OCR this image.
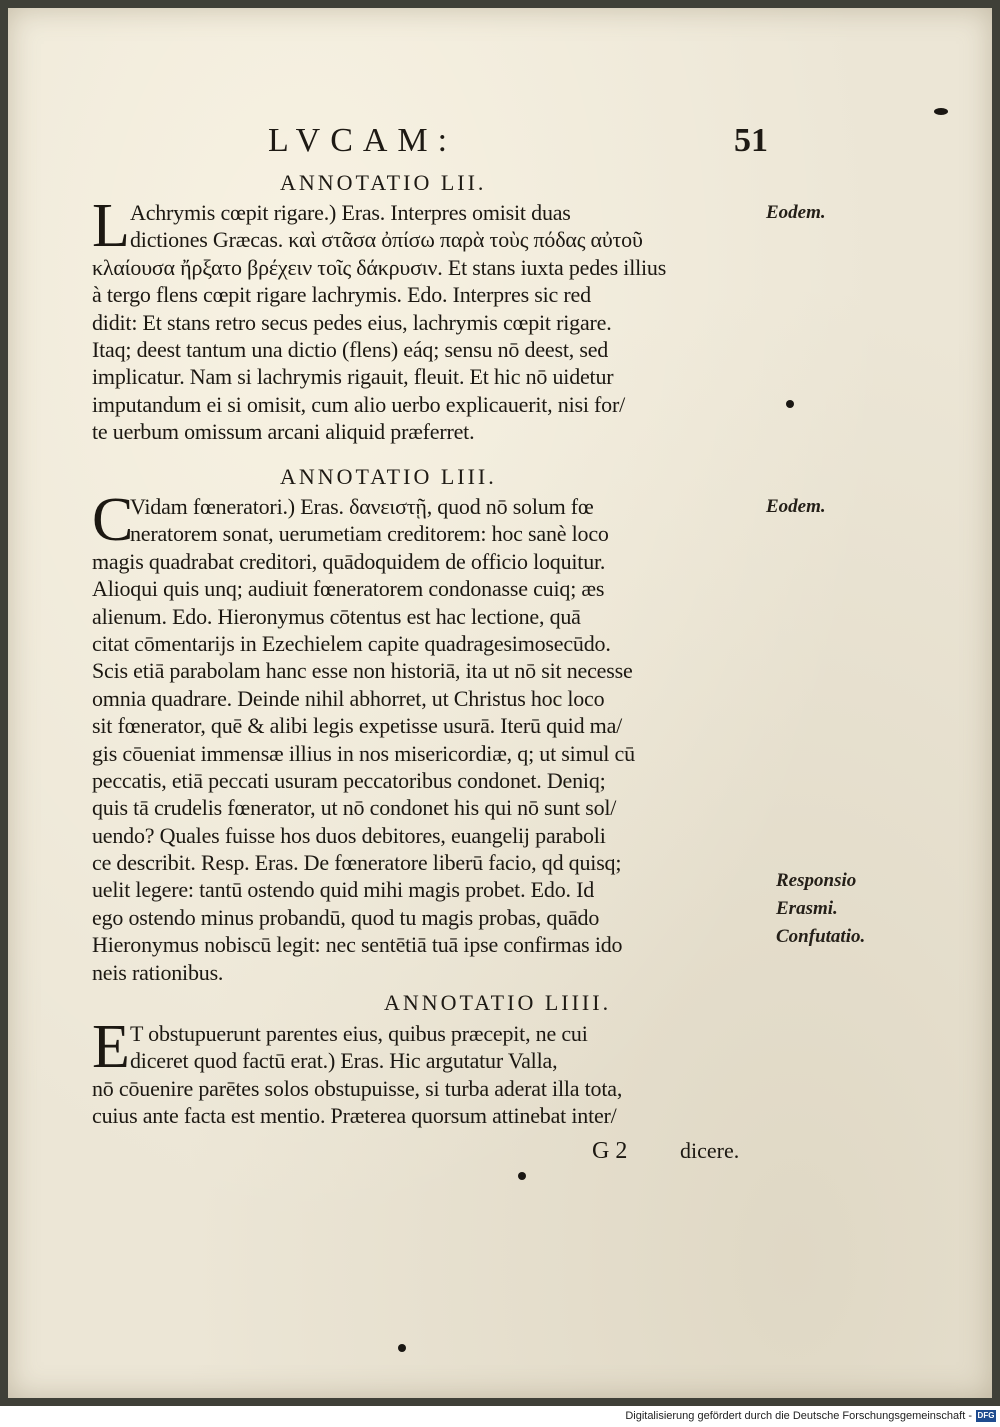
LVCAM:	51
ANNOTATIO LII.
L Achrymis cœpit rigare.) Eras. Interpres omisit duas
dictiones Græcas. καὶ στᾶσα ὀπίσω παρὰ τοὺς πόδας αὐτοῦ
κλαίουσα ἤρξατο βρέχειν τοῖς δάκρυσιν. Et stans iuxta pedes illius
à tergo flens cœpit rigare lachrymis. Edo. Interpres sic red
didit: Et stans retro secus pedes eius, lachrymis cœpit rigare.
Itaq; deest tantum una dictio (flens) eáq; sensu nō deest, sed
implicatur. Nam si lachrymis rigauit, fleuit. Et hic nō uidetur
imputandum ei si omisit, cum alio uerbo explicauerit, nisi for/
te uerbum omissum arcani aliquid præferret.
Eodem.
ANNOTATIO LIII.
C
Vidam fœneratori.) Eras. δανειστῇ, quod nō solum fœ
neratorem sonat, uerumetiam creditorem: hoc sanè loco
magis quadrabat creditori, quādoquidem de officio loquitur.
Alioqui quis unq; audiuit fœneratorem condonasse cuiq; æs
alienum. Edo. Hieronymus cōtentus est hac lectione, quā
citat cōmentarijs in Ezechielem capite quadragesimosecūdo.
Scis etiā parabolam hanc esse non historiā, ita ut nō sit necesse
omnia quadrare. Deinde nihil abhorret, ut Christus hoc loco
sit fœnerator, quē & alibi legis expetisse usurā. Iterū quid ma/
gis cōueniat immensæ illius in nos misericordiæ, q; ut simul cū
peccatis, etiā peccati usuram peccatoribus condonet. Deniq;
quis tā crudelis fœnerator, ut nō condonet his qui nō sunt sol/
uendo? Quales fuisse hos duos debitores, euangelij paraboli
ce describit. Resp. Eras. De fœneratore liberū facio, qd quisq;
uelit legere: tantū ostendo quid mihi magis probet. Edo. Id
ego ostendo minus probandū, quod tu magis probas, quādo
Hieronymus nobiscū legit: nec sentētiā tuā ipse confirmas ido
neis rationibus.
Eodem.
Responsio
Erasmi.
Confutatio.
ANNOTATIO LIIII.
E T obstupuerunt parentes eius, quibus præcepit, ne cui
diceret quod factū erat.) Eras. Hic argutatur Valla,
nō cōuenire parētes solos obstupuisse, si turba aderat illa tota,
cuius ante facta est mentio. Præterea quorsum attinebat inter/
G 2 dicere.
Digitalisierung gefördert durch die Deutsche Forschungsgemeinschaft - DFG
